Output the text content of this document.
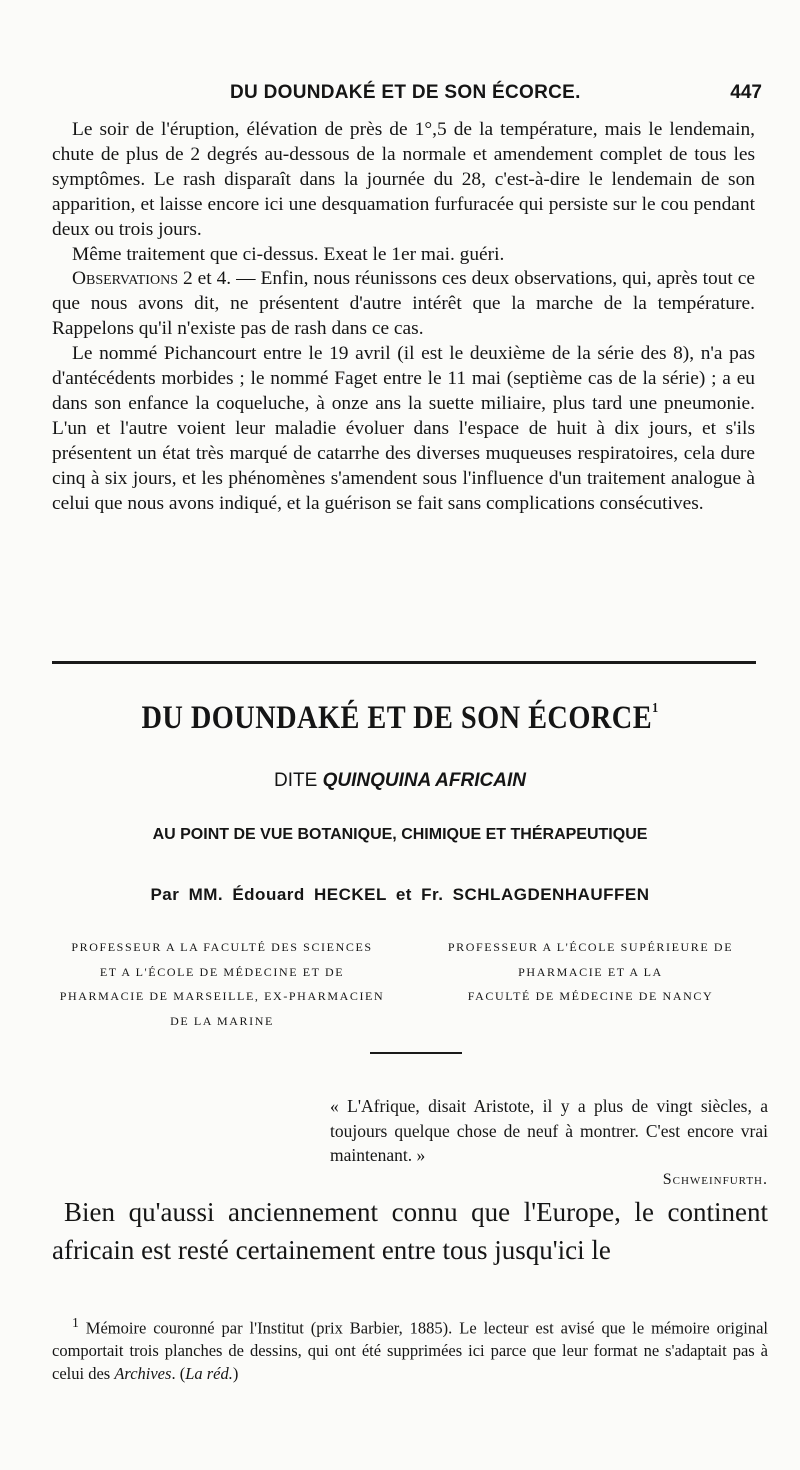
DU DOUNDAKÉ ET DE SON ÉCORCE.	447

Le soir de l'éruption, élévation de près de 1°,5 de la température, mais le lendemain, chute de plus de 2 degrés au-dessous de la normale et amendement complet de tous les symptômes. Le rash disparaît dans la journée du 28, c'est-à-dire le lendemain de son apparition, et laisse encore ici une desquamation furfuracée qui persiste sur le cou pendant deux ou trois jours.

Même traitement que ci-dessus. Exeat le 1er mai. guéri.

Observations 2 et 4. — Enfin, nous réunissons ces deux observations, qui, après tout ce que nous avons dit, ne présentent d'autre intérêt que la marche de la température. Rappelons qu'il n'existe pas de rash dans ce cas.

Le nommé Pichancourt entre le 19 avril (il est le deuxième de la série des 8), n'a pas d'antécédents morbides ; le nommé Faget entre le 11 mai (septième cas de la série) ; a eu dans son enfance la coqueluche, à onze ans la suette miliaire, plus tard une pneumonie. L'un et l'autre voient leur maladie évoluer dans l'espace de huit à dix jours, et s'ils présentent un état très marqué de catarrhe des diverses muqueuses respiratoires, cela dure cinq à six jours, et les phénomènes s'amendent sous l'influence d'un traitement analogue à celui que nous avons indiqué, et la guérison se fait sans complications consécutives.

DU DOUNDAKÉ ET DE SON ÉCORCE$^1$
DITE QUINQUINA AFRICAIN
AU POINT DE VUE BOTANIQUE, CHIMIQUE ET THÉRAPEUTIQUE
Par MM. Édouard HECKEL et Fr. SCHLAGDENHAUFFEN
PROFESSEUR A LA FACULTÉ DES SCIENCES
ET A L'ÉCOLE DE MÉDECINE ET DE
PHARMACIE DE MARSEILLE, EX-PHARMACIEN
DE LA MARINE
PROFESSEUR A L'ÉCOLE SUPÉRIEURE DE
PHARMACIE ET A LA
FACULTÉ DE MÉDECINE DE NANCY
« L'Afrique, disait Aristote, il y a plus de vingt siècles, a toujours quelque chose de neuf à montrer. C'est encore vrai maintenant. »
Schweinfurth.
Bien qu'aussi anciennement connu que l'Europe, le continent africain est resté certainement entre tous jusqu'ici le

$^1$ Mémoire couronné par l'Institut (prix Barbier, 1885). Le lecteur est avisé que le mémoire original comportait trois planches de dessins, qui ont été supprimées ici parce que leur format ne s'adaptait pas à celui des Archives. (La réd.)
